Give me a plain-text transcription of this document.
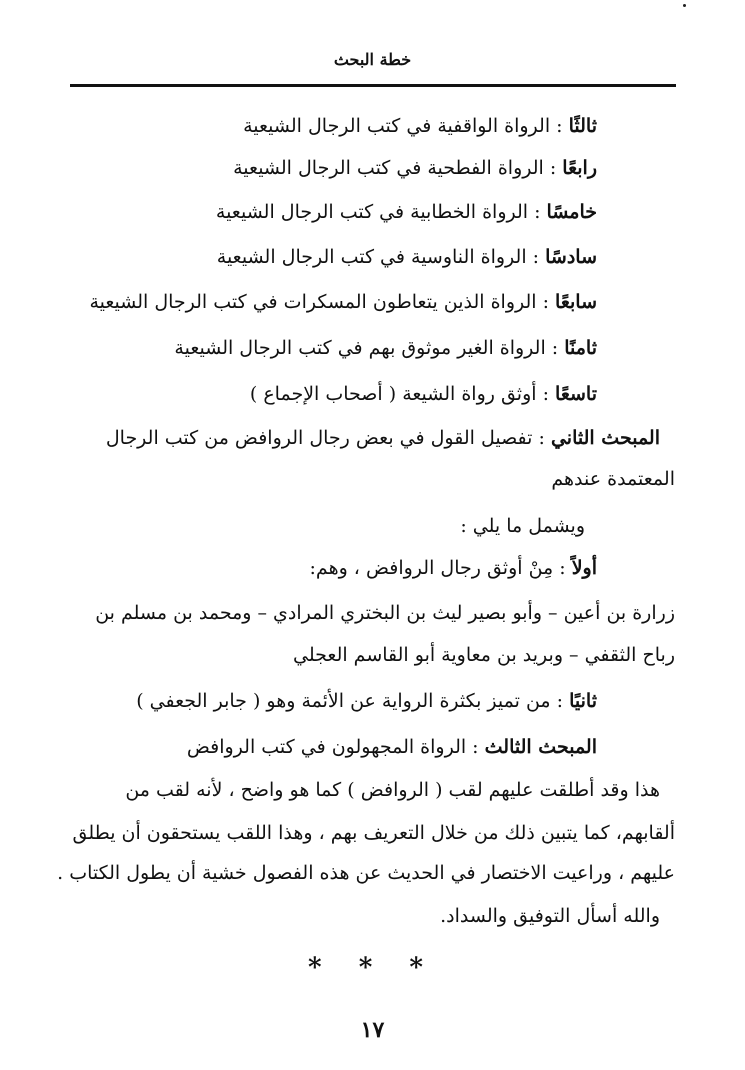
خطة البحث
ثالثًا : الرواة الواقفية في كتب الرجال الشيعية
رابعًا : الرواة الفطحية في كتب الرجال الشيعية
خامسًا : الرواة الخطابية في كتب الرجال الشيعية
سادسًا : الرواة الناوسية في كتب الرجال الشيعية
سابعًا : الرواة الذين يتعاطون المسكرات في كتب الرجال الشيعية
ثامنًا : الرواة الغير موثوق بهم في كتب الرجال الشيعية
تاسعًا : أوثق رواة الشيعة ( أصحاب الإجماع )
المبحث الثاني : تفصيل القول في بعض رجال الروافض من كتب الرجال
المعتمدة عندهم
ويشمل ما يلي :
أولاً : مِنْ أوثق رجال الروافض ، وهم:
زرارة بن أعين – وأبو بصير ليث بن البختري المرادي – ومحمد بن مسلم بن
رباح الثقفي – وبريد بن معاوية أبو القاسم العجلي
ثانيًا : من تميز بكثرة الرواية عن الأئمة وهو ( جابر الجعفي )
المبحث الثالث : الرواة المجهولون في كتب الروافض
هذا وقد أطلقت عليهم لقب ( الروافض ) كما هو واضح ، لأنه لقب من
ألقابهم، كما يتبين ذلك من خلال التعريف بهم ، وهذا اللقب يستحقون أن يطلق
عليهم ، وراعيت الاختصار في الحديث عن هذه الفصول خشية أن يطول الكتاب .
والله أسأل التوفيق والسداد.
* * *
١٧
